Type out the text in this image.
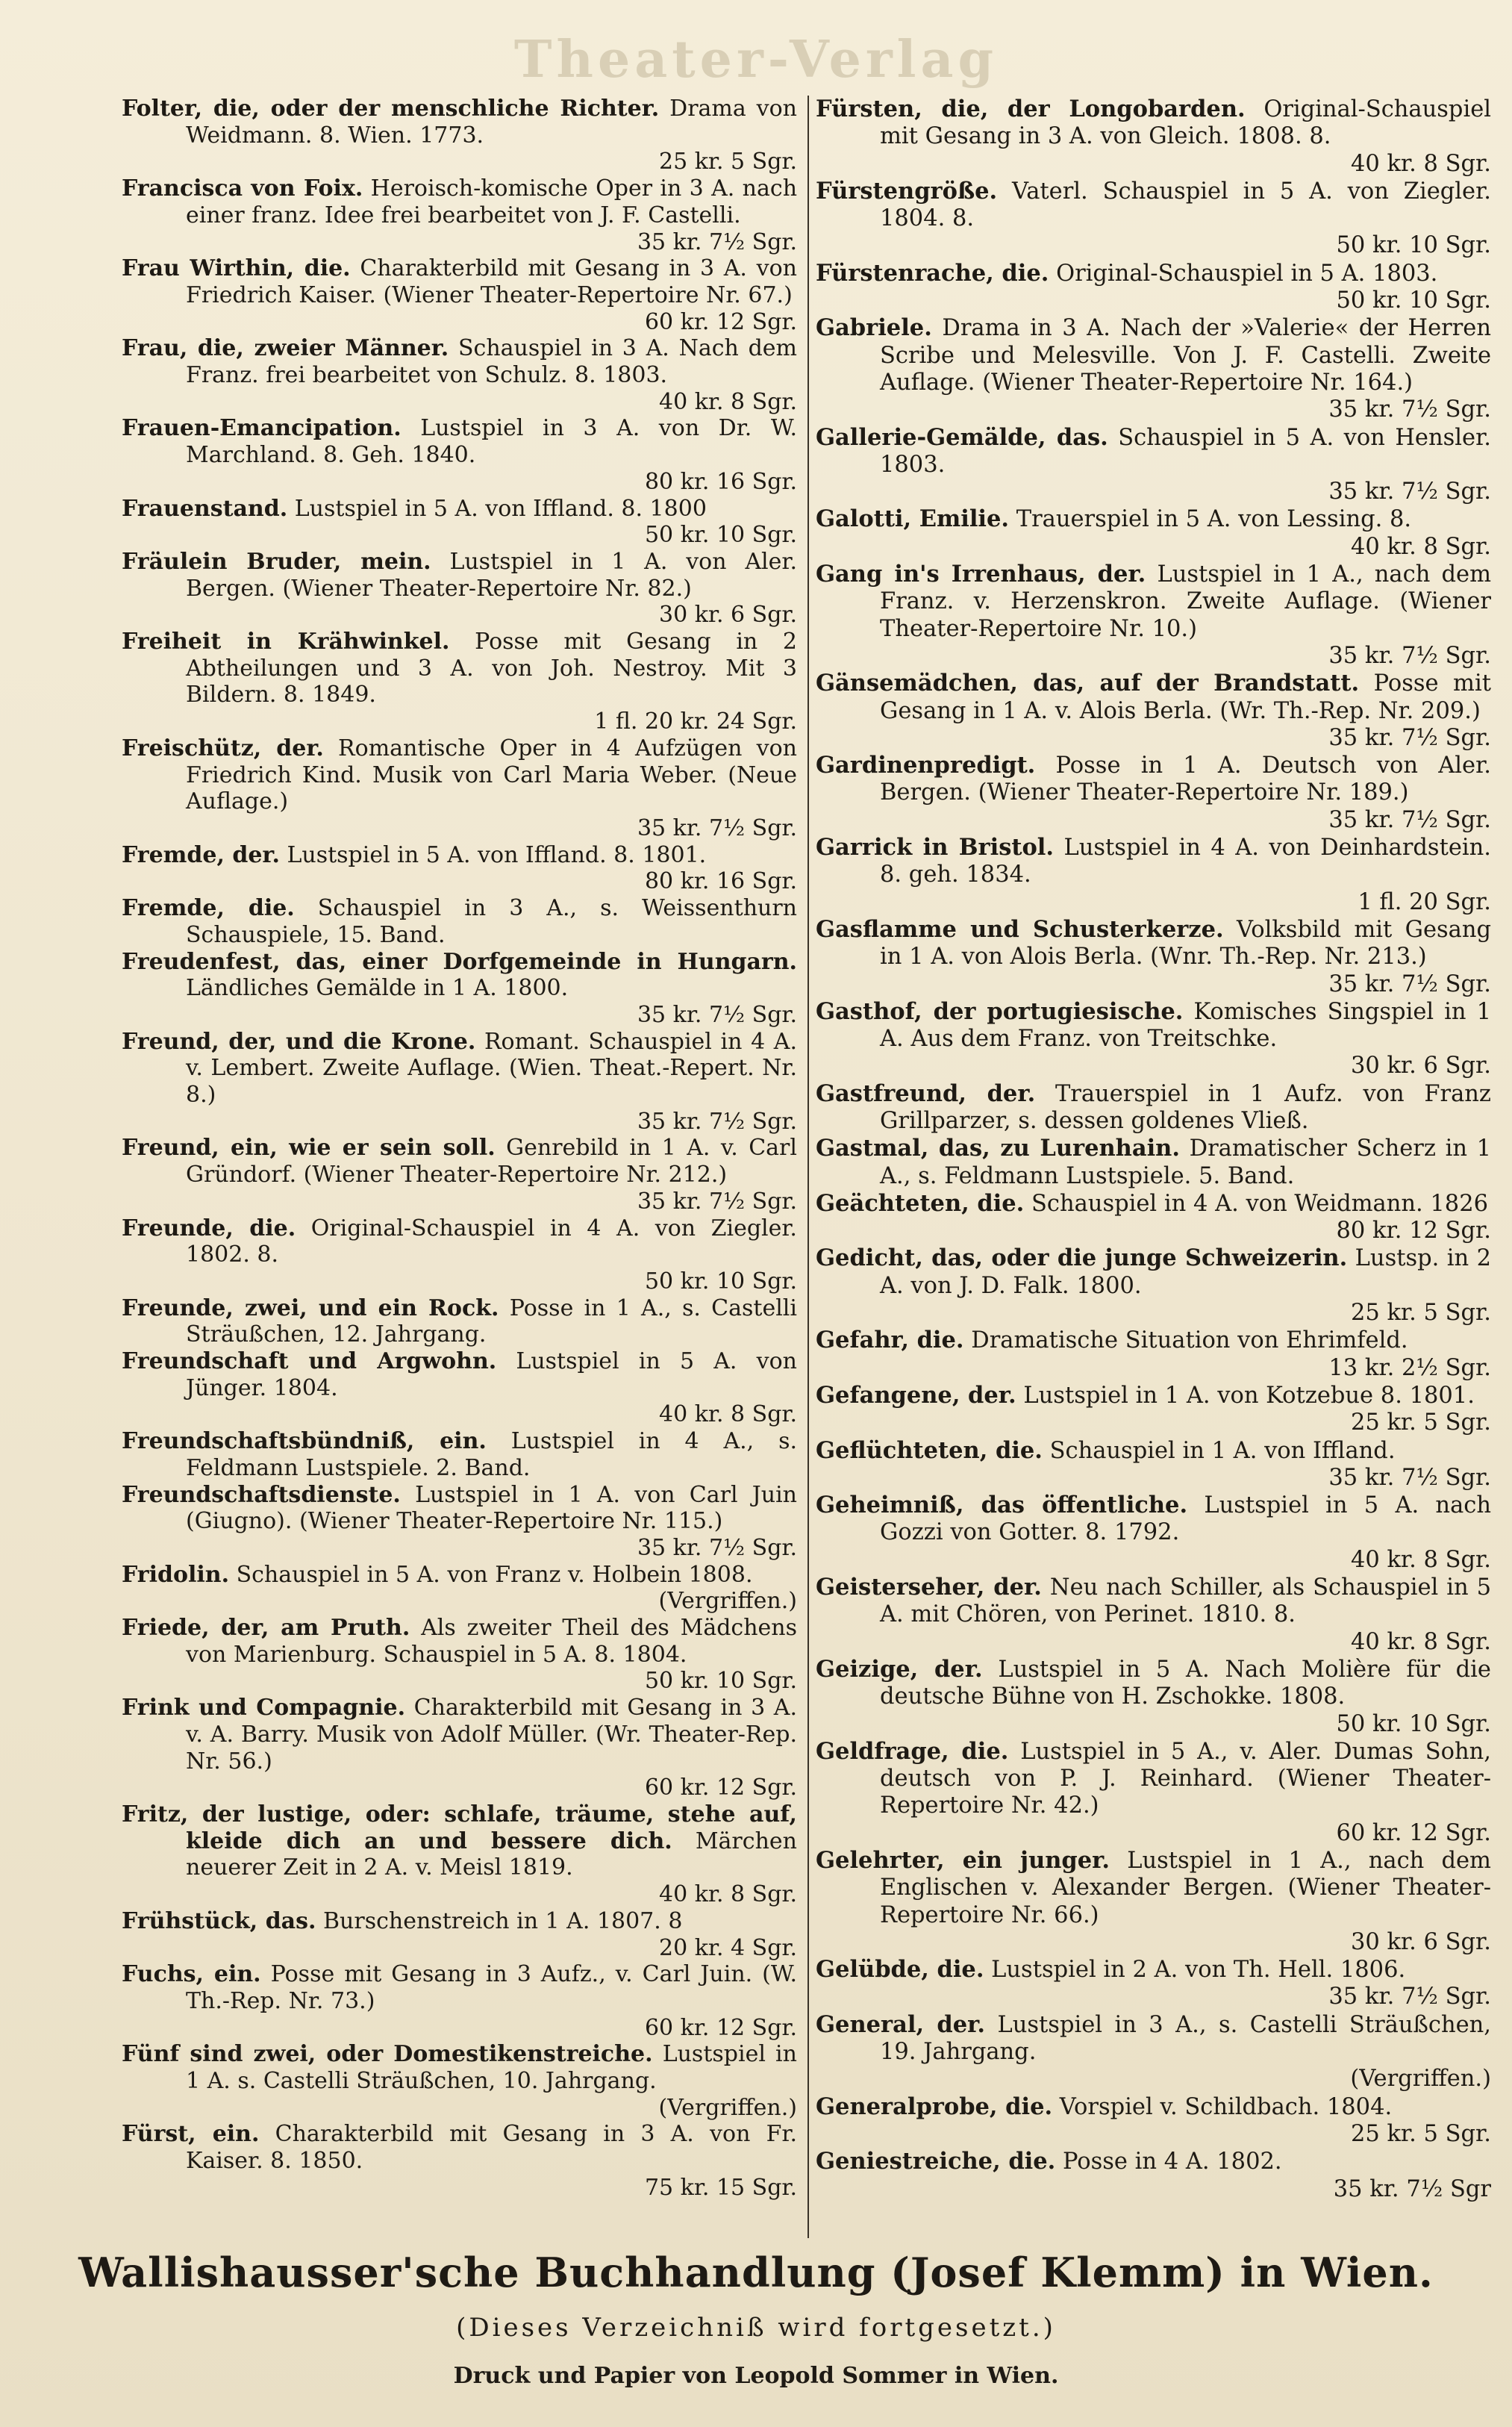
Theater-Verlag

Folter, die, oder der menschliche Richter. Drama von Weidmann. 8. Wien. 1773.
25 kr. 5 Sgr.

Francisca von Foix. Heroisch-komische Oper in 3 A. nach einer franz. Idee frei bearbeitet von J. F. Castelli.
35 kr. 7½ Sgr.

Frau Wirthin, die. Charakterbild mit Gesang in 3 A. von Friedrich Kaiser. (Wiener Theater-Repertoire Nr. 67.)
60 kr. 12 Sgr.

Frau, die, zweier Männer. Schauspiel in 3 A. Nach dem Franz. frei bearbeitet von Schulz. 8. 1803.
40 kr. 8 Sgr.

Frauen-Emancipation. Lustspiel in 3 A. von Dr. W. Marchland. 8. Geh. 1840.
80 kr. 16 Sgr.

Frauenstand. Lustspiel in 5 A. von Iffland. 8. 1800
50 kr. 10 Sgr.

Fräulein Bruder, mein. Lustspiel in 1 A. von Aler. Bergen. (Wiener Theater-Repertoire Nr. 82.)
30 kr. 6 Sgr.

Freiheit in Krähwinkel. Posse mit Gesang in 2 Abtheilungen und 3 A. von Joh. Nestroy. Mit 3 Bildern. 8. 1849.
1 fl. 20 kr. 24 Sgr.

Freischütz, der. Romantische Oper in 4 Aufzügen von Friedrich Kind. Musik von Carl Maria Weber. (Neue Auflage.)
35 kr. 7½ Sgr.

Fremde, der. Lustspiel in 5 A. von Iffland. 8. 1801.
80 kr. 16 Sgr.

Fremde, die. Schauspiel in 3 A., s. Weissenthurn Schauspiele, 15. Band.

Freudenfest, das, einer Dorfgemeinde in Hungarn. Ländliches Gemälde in 1 A. 1800.
35 kr. 7½ Sgr.

Freund, der, und die Krone. Romant. Schauspiel in 4 A. v. Lembert. Zweite Auflage. (Wien. Theat.-Repert. Nr. 8.)
35 kr. 7½ Sgr.

Freund, ein, wie er sein soll. Genrebild in 1 A. v. Carl Gründorf. (Wiener Theater-Repertoire Nr. 212.)
35 kr. 7½ Sgr.

Freunde, die. Original-Schauspiel in 4 A. von Ziegler. 1802. 8.
50 kr. 10 Sgr.

Freunde, zwei, und ein Rock. Posse in 1 A., s. Castelli Sträußchen, 12. Jahrgang.

Freundschaft und Argwohn. Lustspiel in 5 A. von Jünger. 1804.
40 kr. 8 Sgr.

Freundschaftsbündniß, ein. Lustspiel in 4 A., s. Feldmann Lustspiele. 2. Band.

Freundschaftsdienste. Lustspiel in 1 A. von Carl Juin (Giugno). (Wiener Theater-Repertoire Nr. 115.)
35 kr. 7½ Sgr.

Fridolin. Schauspiel in 5 A. von Franz v. Holbein 1808.
(Vergriffen.)

Friede, der, am Pruth. Als zweiter Theil des Mädchens von Marienburg. Schauspiel in 5 A. 8. 1804.
50 kr. 10 Sgr.

Frink und Compagnie. Charakterbild mit Gesang in 3 A. v. A. Barry. Musik von Adolf Müller. (Wr. Theater-Rep. Nr. 56.)
60 kr. 12 Sgr.

Fritz, der lustige, oder: schlafe, träume, stehe auf, kleide dich an und bessere dich. Märchen neuerer Zeit in 2 A. v. Meisl 1819.
40 kr. 8 Sgr.

Frühstück, das. Burschenstreich in 1 A. 1807. 8
20 kr. 4 Sgr.

Fuchs, ein. Posse mit Gesang in 3 Aufz., v. Carl Juin. (W. Th.-Rep. Nr. 73.)
60 kr. 12 Sgr.

Fünf sind zwei, oder Domestikenstreiche. Lustspiel in 1 A. s. Castelli Sträußchen, 10. Jahrgang.
(Vergriffen.)

Fürst, ein. Charakterbild mit Gesang in 3 A. von Fr. Kaiser. 8. 1850.
75 kr. 15 Sgr.

Fürsten, die, der Longobarden. Original-Schauspiel mit Gesang in 3 A. von Gleich. 1808. 8.
40 kr. 8 Sgr.

Fürstengröße. Vaterl. Schauspiel in 5 A. von Ziegler. 1804. 8.
50 kr. 10 Sgr.

Fürstenrache, die. Original-Schauspiel in 5 A. 1803.
50 kr. 10 Sgr.

Gabriele. Drama in 3 A. Nach der »Valerie« der Herren Scribe und Melesville. Von J. F. Castelli. Zweite Auflage. (Wiener Theater-Repertoire Nr. 164.)
35 kr. 7½ Sgr.

Gallerie-Gemälde, das. Schauspiel in 5 A. von Hensler. 1803.
35 kr. 7½ Sgr.

Galotti, Emilie. Trauerspiel in 5 A. von Lessing. 8.
40 kr. 8 Sgr.

Gang in's Irrenhaus, der. Lustspiel in 1 A., nach dem Franz. v. Herzenskron. Zweite Auflage. (Wiener Theater-Repertoire Nr. 10.)
35 kr. 7½ Sgr.

Gänsemädchen, das, auf der Brandstatt. Posse mit Gesang in 1 A. v. Alois Berla. (Wr. Th.-Rep. Nr. 209.)
35 kr. 7½ Sgr.

Gardinenpredigt. Posse in 1 A. Deutsch von Aler. Bergen. (Wiener Theater-Repertoire Nr. 189.)
35 kr. 7½ Sgr.

Garrick in Bristol. Lustspiel in 4 A. von Deinhardstein. 8. geh. 1834.
1 fl. 20 Sgr.

Gasflamme und Schusterkerze. Volksbild mit Gesang in 1 A. von Alois Berla. (Wnr. Th.-Rep. Nr. 213.)
35 kr. 7½ Sgr.

Gasthof, der portugiesische. Komisches Singspiel in 1 A. Aus dem Franz. von Treitschke.
30 kr. 6 Sgr.

Gastfreund, der. Trauerspiel in 1 Aufz. von Franz Grillparzer, s. dessen goldenes Vließ.

Gastmal, das, zu Lurenhain. Dramatischer Scherz in 1 A., s. Feldmann Lustspiele. 5. Band.

Geächteten, die. Schauspiel in 4 A. von Weidmann. 1826
80 kr. 12 Sgr.

Gedicht, das, oder die junge Schweizerin. Lustsp. in 2 A. von J. D. Falk. 1800.
25 kr. 5 Sgr.

Gefahr, die. Dramatische Situation von Ehrimfeld.
13 kr. 2½ Sgr.

Gefangene, der. Lustspiel in 1 A. von Kotzebue 8. 1801.
25 kr. 5 Sgr.

Geflüchteten, die. Schauspiel in 1 A. von Iffland.
35 kr. 7½ Sgr.

Geheimniß, das öffentliche. Lustspiel in 5 A. nach Gozzi von Gotter. 8. 1792.
40 kr. 8 Sgr.

Geisterseher, der. Neu nach Schiller, als Schauspiel in 5 A. mit Chören, von Perinet. 1810. 8.
40 kr. 8 Sgr.

Geizige, der. Lustspiel in 5 A. Nach Molière für die deutsche Bühne von H. Zschokke. 1808.
50 kr. 10 Sgr.

Geldfrage, die. Lustspiel in 5 A., v. Aler. Dumas Sohn, deutsch von P. J. Reinhard. (Wiener Theater-Repertoire Nr. 42.)
60 kr. 12 Sgr.

Gelehrter, ein junger. Lustspiel in 1 A., nach dem Englischen v. Alexander Bergen. (Wiener Theater-Repertoire Nr. 66.)
30 kr. 6 Sgr.

Gelübde, die. Lustspiel in 2 A. von Th. Hell. 1806.
35 kr. 7½ Sgr.

General, der. Lustspiel in 3 A., s. Castelli Sträußchen, 19. Jahrgang.
(Vergriffen.)

Generalprobe, die. Vorspiel v. Schildbach. 1804.
25 kr. 5 Sgr.

Geniestreiche, die. Posse in 4 A. 1802.
35 kr. 7½ Sgr

Wallishausser'sche Buchhandlung (Josef Klemm) in Wien.
(Dieses Verzeichniß wird fortgesetzt.)
Druck und Papier von Leopold Sommer in Wien.
